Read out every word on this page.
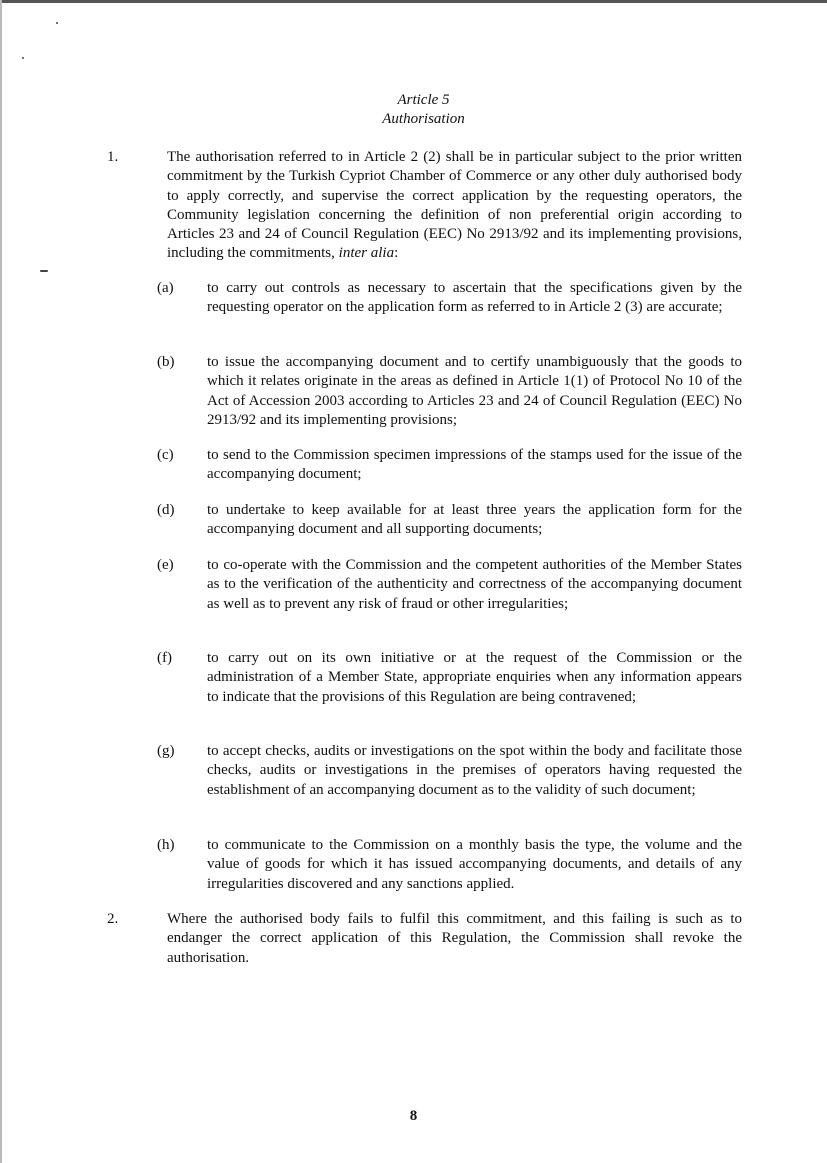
Article 5
Authorisation
1.	The authorisation referred to in Article 2 (2) shall be in particular subject to the prior written commitment by the Turkish Cypriot Chamber of Commerce or any other duly authorised body to apply correctly, and supervise the correct application by the requesting operators, the Community legislation concerning the definition of non preferential origin according to Articles 23 and 24 of Council Regulation (EEC) No 2913/92 and its implementing provisions, including the commitments, inter alia:
(a) to carry out controls as necessary to ascertain that the specifications given by the requesting operator on the application form as referred to in Article 2 (3) are accurate;
(b) to issue the accompanying document and to certify unambiguously that the goods to which it relates originate in the areas as defined in Article 1(1) of Protocol No 10 of the Act of Accession 2003 according to Articles 23 and 24 of Council Regulation (EEC) No 2913/92 and its implementing provisions;
(c) to send to the Commission specimen impressions of the stamps used for the issue of the accompanying document;
(d) to undertake to keep available for at least three years the application form for the accompanying document and all supporting documents;
(e) to co-operate with the Commission and the competent authorities of the Member States as to the verification of the authenticity and correctness of the accompanying document as well as to prevent any risk of fraud or other irregularities;
(f) to carry out on its own initiative or at the request of the Commission or the administration of a Member State, appropriate enquiries when any information appears to indicate that the provisions of this Regulation are being contravened;
(g) to accept checks, audits or investigations on the spot within the body and facilitate those checks, audits or investigations in the premises of operators having requested the establishment of an accompanying document as to the validity of such document;
(h) to communicate to the Commission on a monthly basis the type, the volume and the value of goods for which it has issued accompanying documents, and details of any irregularities discovered and any sanctions applied.
2.	Where the authorised body fails to fulfil this commitment, and this failing is such as to endanger the correct application of this Regulation, the Commission shall revoke the authorisation.
8
